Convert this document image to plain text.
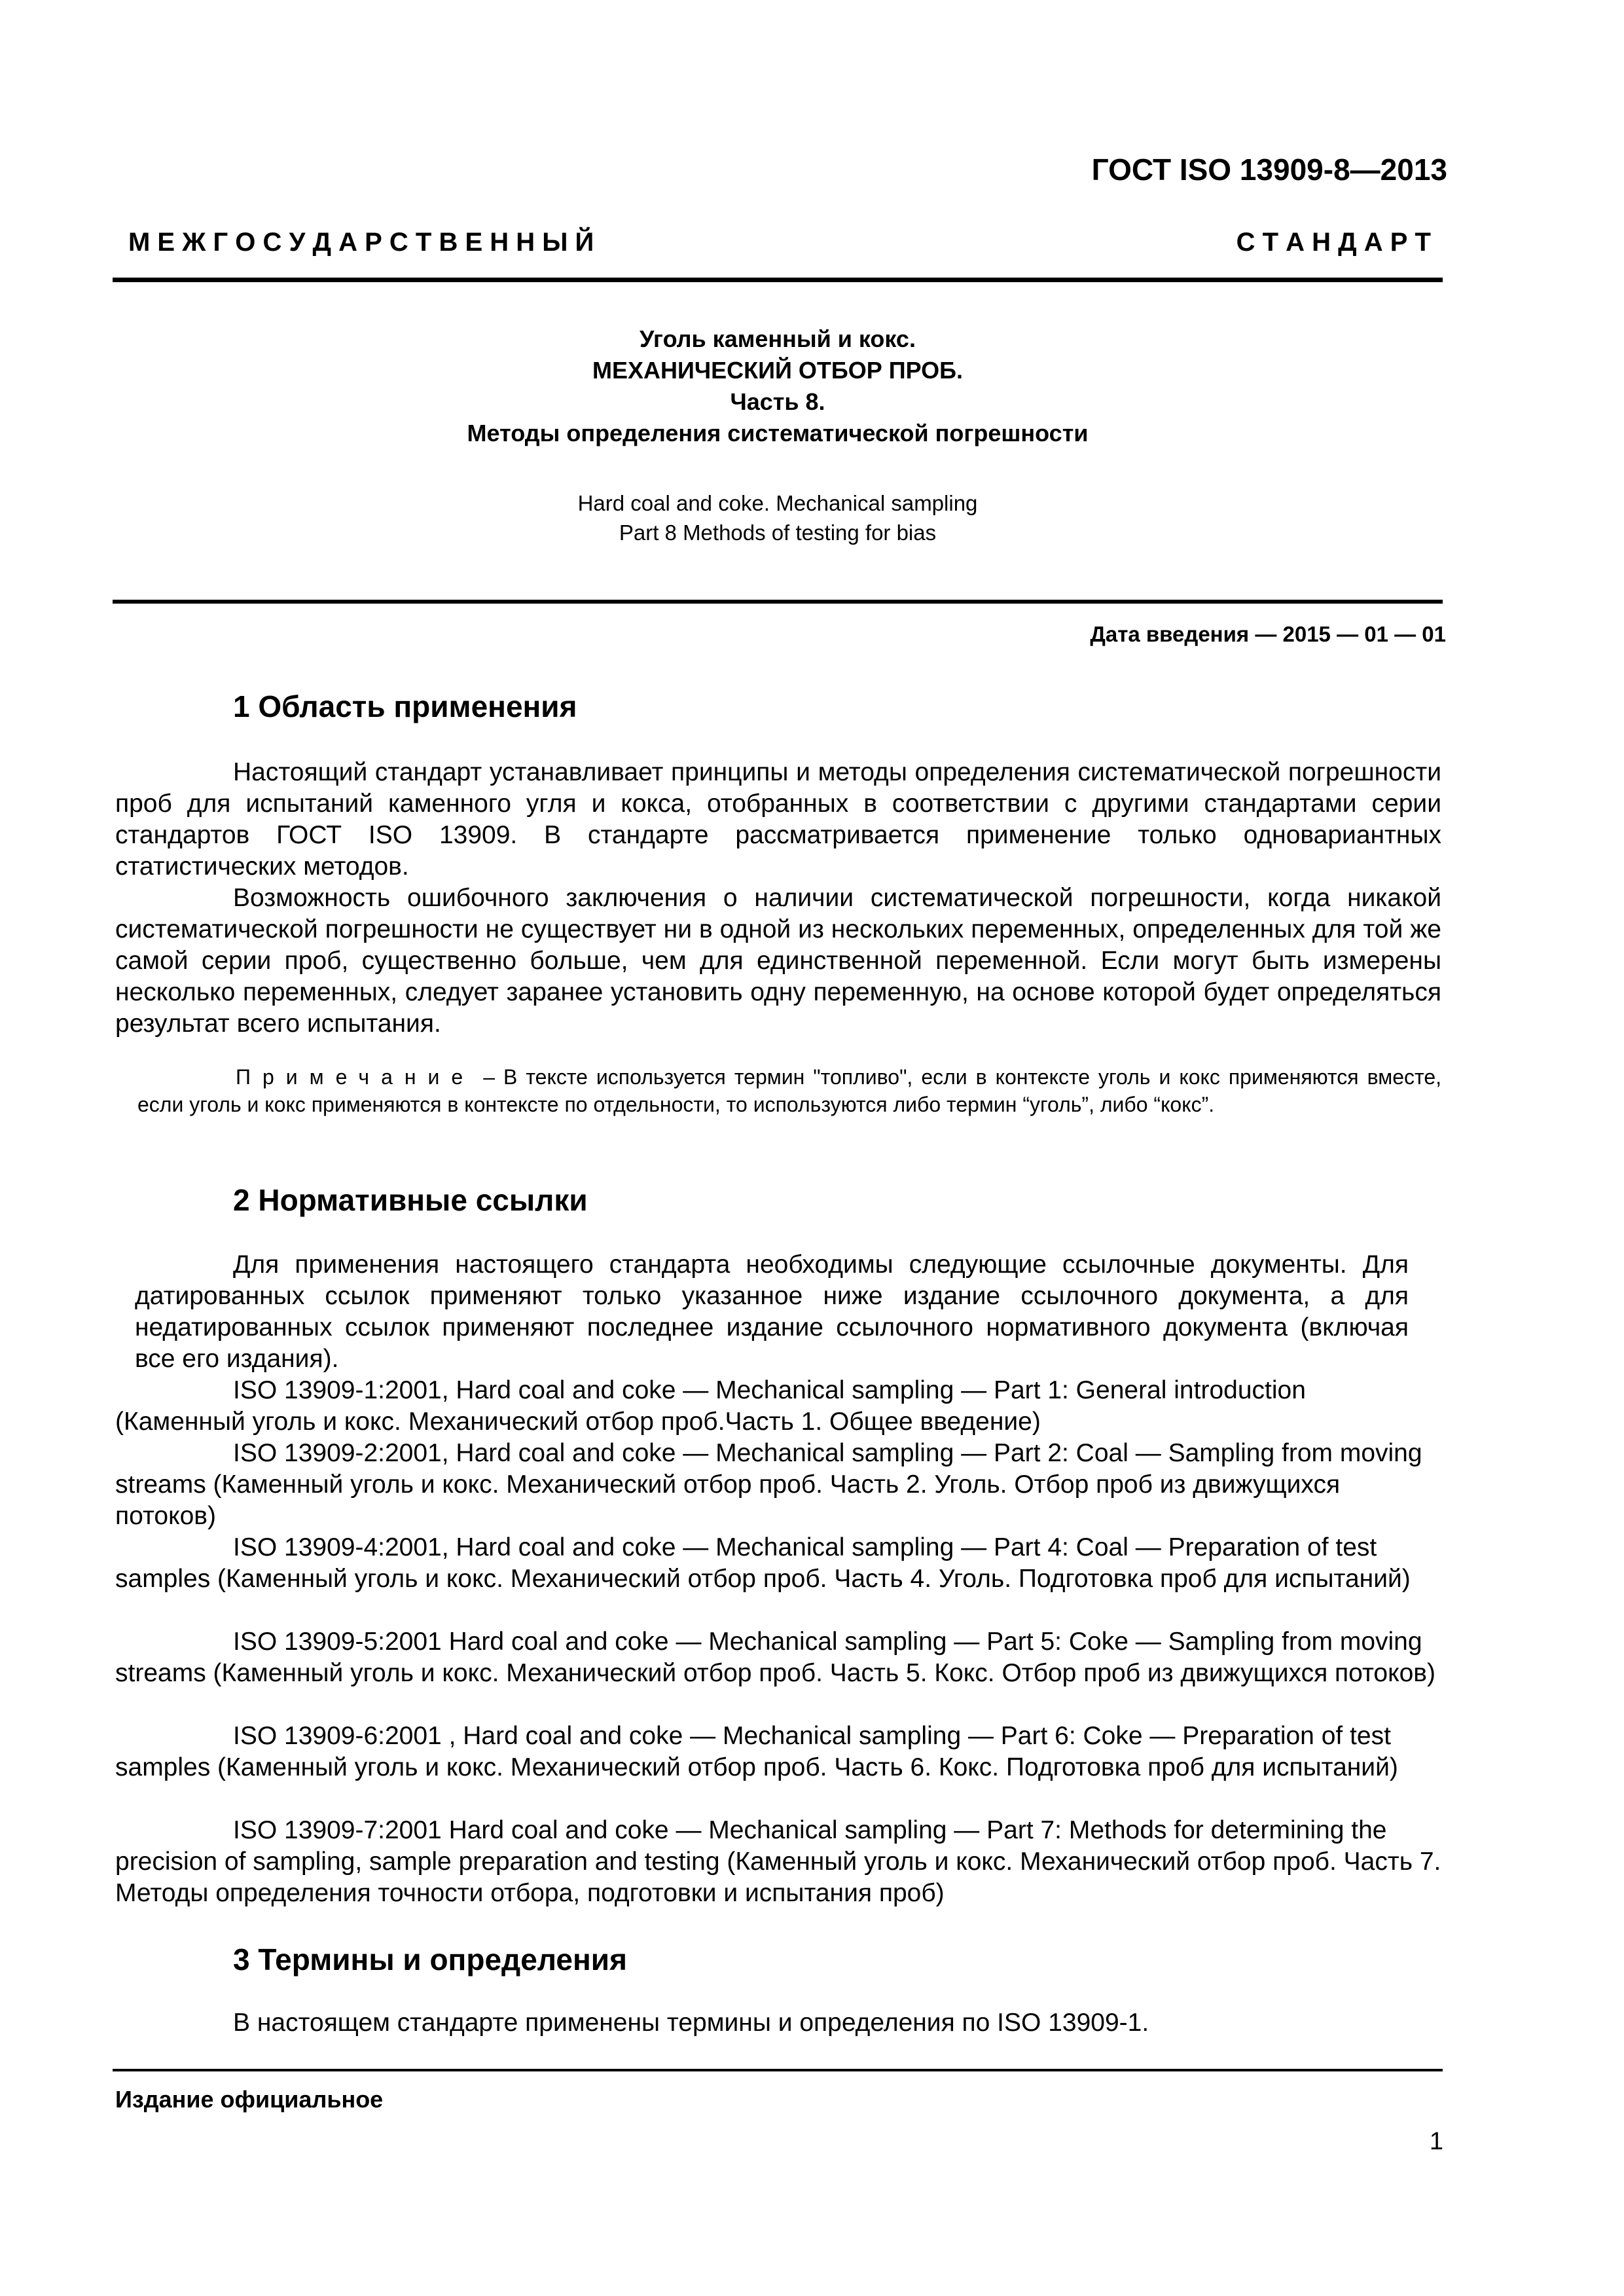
ГОСТ ISO 13909-8—2013
М Е Ж Г О С У Д А Р С Т В Е Н Н Ы Й	С Т А Н Д А Р Т
Уголь каменный и кокс.
МЕХАНИЧЕСКИЙ ОТБОР ПРОБ.
Часть 8.
Методы определения систематической погрешности
Hard coal and coke. Mechanical sampling
Part 8 Methods of testing for bias
Дата введения — 2015 — 01 — 01
1 Область применения

Настоящий стандарт устанавливает принципы и методы определения систематической погрешности проб для испытаний каменного угля и кокса, отобранных в соответствии с другими стандартами серии стандартов ГОСТ ISO 13909. В стандарте рассматривается применение только одновариантных статистических методов.

Возможность ошибочного заключения о наличии систематической погрешности, когда никакой систематической погрешности не существует ни в одной из нескольких переменных, определенных для той же самой серии проб, существенно больше, чем для единственной переменной. Если могут быть измерены несколько переменных, следует заранее установить одну переменную, на основе которой будет определяться результат всего испытания.

Примечание – В тексте используется термин "топливо", если в контексте уголь и кокс применяются вместе, если уголь и кокс применяются в контексте по отдельности, то используются либо термин “уголь”, либо “кокс”.

2 Нормативные ссылки

Для применения настоящего стандарта необходимы следующие ссылочные документы. Для датированных ссылок применяют только указанное ниже издание ссылочного документа, а для недатированных ссылок применяют последнее издание ссылочного нормативного документа (включая все его издания).

ISO 13909-1:2001, Hard coal and coke — Mechanical sampling — Part 1: General introduction (Каменный уголь и кокс. Механический отбор проб.Часть 1. Общее введение)

ISO 13909-2:2001, Hard coal and coke — Mechanical sampling — Part 2: Coal — Sampling from moving streams (Каменный уголь и кокс. Механический отбор проб. Часть 2. Уголь. Отбор проб из движущихся потоков)

ISO 13909-4:2001, Hard coal and coke — Mechanical sampling — Part 4: Coal — Preparation of test samples (Каменный уголь и кокс. Механический отбор проб. Часть 4. Уголь. Подготовка проб для испытаний)

ISO 13909-5:2001 Hard coal and coke — Mechanical sampling — Part 5: Coke — Sampling from moving streams (Каменный уголь и кокс. Механический отбор проб. Часть 5. Кокс. Отбор проб из движущихся потоков)

ISO 13909-6:2001 , Hard coal and coke — Mechanical sampling — Part 6: Coke — Preparation of test samples (Каменный уголь и кокс. Механический отбор проб. Часть 6. Кокс. Подготовка проб для испытаний)

ISO 13909-7:2001 Hard coal and coke — Mechanical sampling — Part 7: Methods for determining the precision of sampling, sample preparation and testing (Каменный уголь и кокс. Механический отбор проб. Часть 7. Методы определения точности отбора, подготовки и испытания проб)

3 Термины и определения

В настоящем стандарте применены термины и определения по ISO 13909-1.

Издание официальное
1
